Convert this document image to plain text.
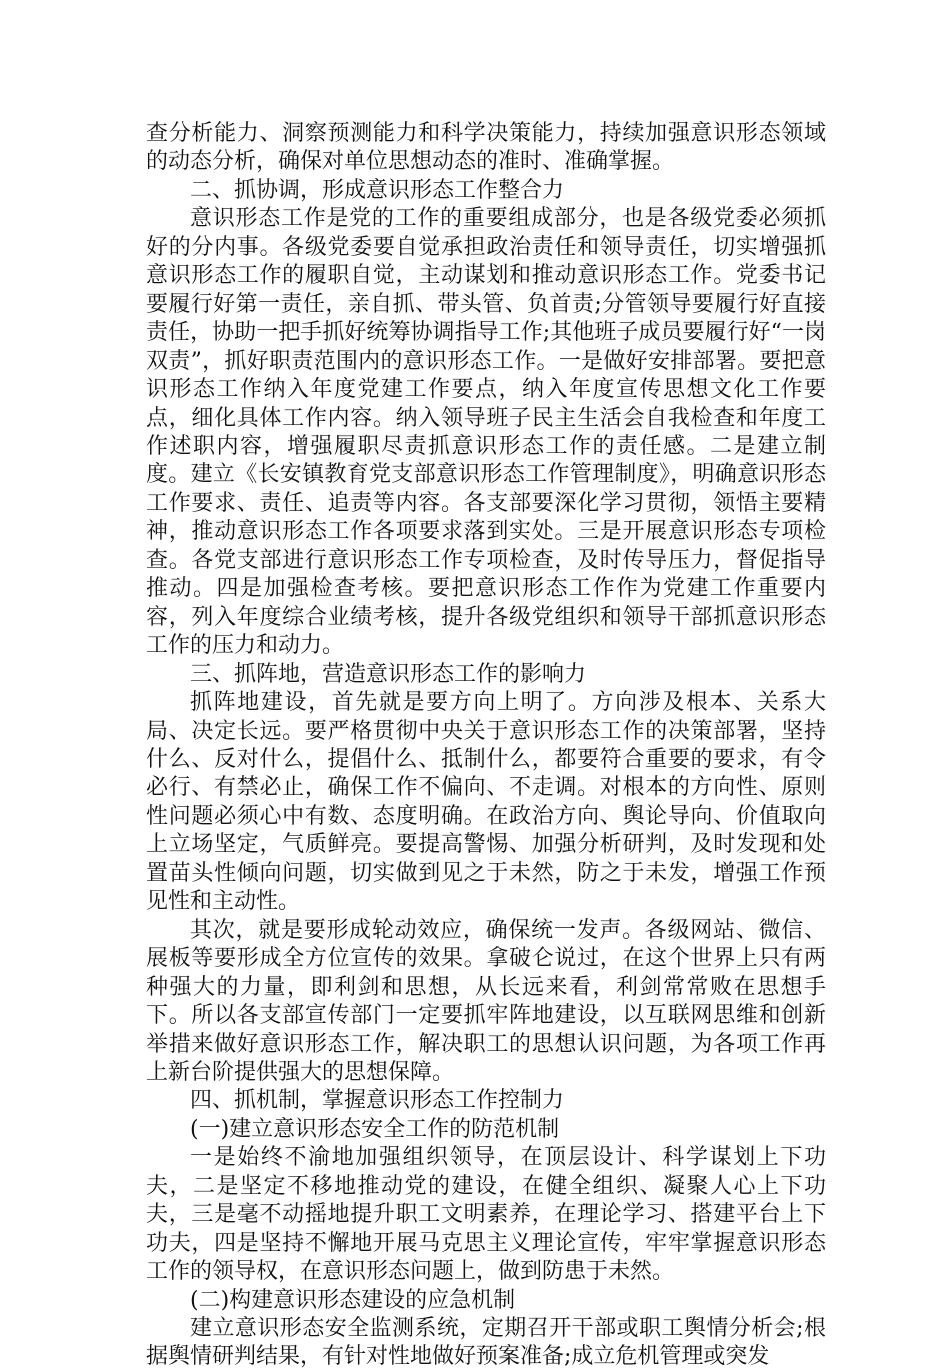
查分析能力、洞察预测能力和科学决策能力，持续加强意识形态领域的动态分析，确保对单位思想动态的准时、准确掌握。

二、抓协调，形成意识形态工作整合力

意识形态工作是党的工作的重要组成部分，也是各级党委必须抓好的分内事。各级党委要自觉承担政治责任和领导责任，切实增强抓意识形态工作的履职自觉，主动谋划和推动意识形态工作。党委书记要履行好第一责任，亲自抓、带头管、负首责;分管领导要履行好直接责任，协助一把手抓好统筹协调指导工作;其他班子成员要履行好“一岗双责”，抓好职责范围内的意识形态工作。一是做好安排部署。要把意识形态工作纳入年度党建工作要点，纳入年度宣传思想文化工作要点，细化具体工作内容。纳入领导班子民主生活会自我检查和年度工作述职内容，增强履职尽责抓意识形态工作的责任感。二是建立制度。建立《长安镇教育党支部意识形态工作管理制度》，明确意识形态工作要求、责任、追责等内容。各支部要深化学习贯彻，领悟主要精神，推动意识形态工作各项要求落到实处。三是开展意识形态专项检查。各党支部进行意识形态工作专项检查，及时传导压力，督促指导推动。四是加强检查考核。要把意识形态工作作为党建工作重要内容，列入年度综合业绩考核，提升各级党组织和领导干部抓意识形态工作的压力和动力。

三、抓阵地，营造意识形态工作的影响力

抓阵地建设，首先就是要方向上明了。方向涉及根本、关系大局、决定长远。要严格贯彻中央关于意识形态工作的决策部署，坚持什么、反对什么，提倡什么、抵制什么，都要符合重要的要求，有令必行、有禁必止，确保工作不偏向、不走调。对根本的方向性、原则性问题必须心中有数、态度明确。在政治方向、舆论导向、价值取向上立场坚定，气质鲜亮。要提高警惕、加强分析研判，及时发现和处置苗头性倾向问题，切实做到见之于未然，防之于未发，增强工作预见性和主动性。

其次，就是要形成轮动效应，确保统一发声。各级网站、微信、展板等要形成全方位宣传的效果。拿破仑说过，在这个世界上只有两种强大的力量，即利剑和思想，从长远来看，利剑常常败在思想手下。所以各支部宣传部门一定要抓牢阵地建设，以互联网思维和创新举措来做好意识形态工作，解决职工的思想认识问题，为各项工作再上新台阶提供强大的思想保障。

四、抓机制，掌握意识形态工作控制力

(一)建立意识形态安全工作的防范机制

一是始终不渝地加强组织领导，在顶层设计、科学谋划上下功夫，二是坚定不移地推动党的建设，在健全组织、凝聚人心上下功夫，三是毫不动摇地提升职工文明素养，在理论学习、搭建平台上下功夫，四是坚持不懈地开展马克思主义理论宣传，牢牢掌握意识形态工作的领导权，在意识形态问题上，做到防患于未然。

(二)构建意识形态建设的应急机制

建立意识形态安全监测系统，定期召开干部或职工舆情分析会;根据舆情研判结果，有针对性地做好预案准备;成立危机管理或突发
